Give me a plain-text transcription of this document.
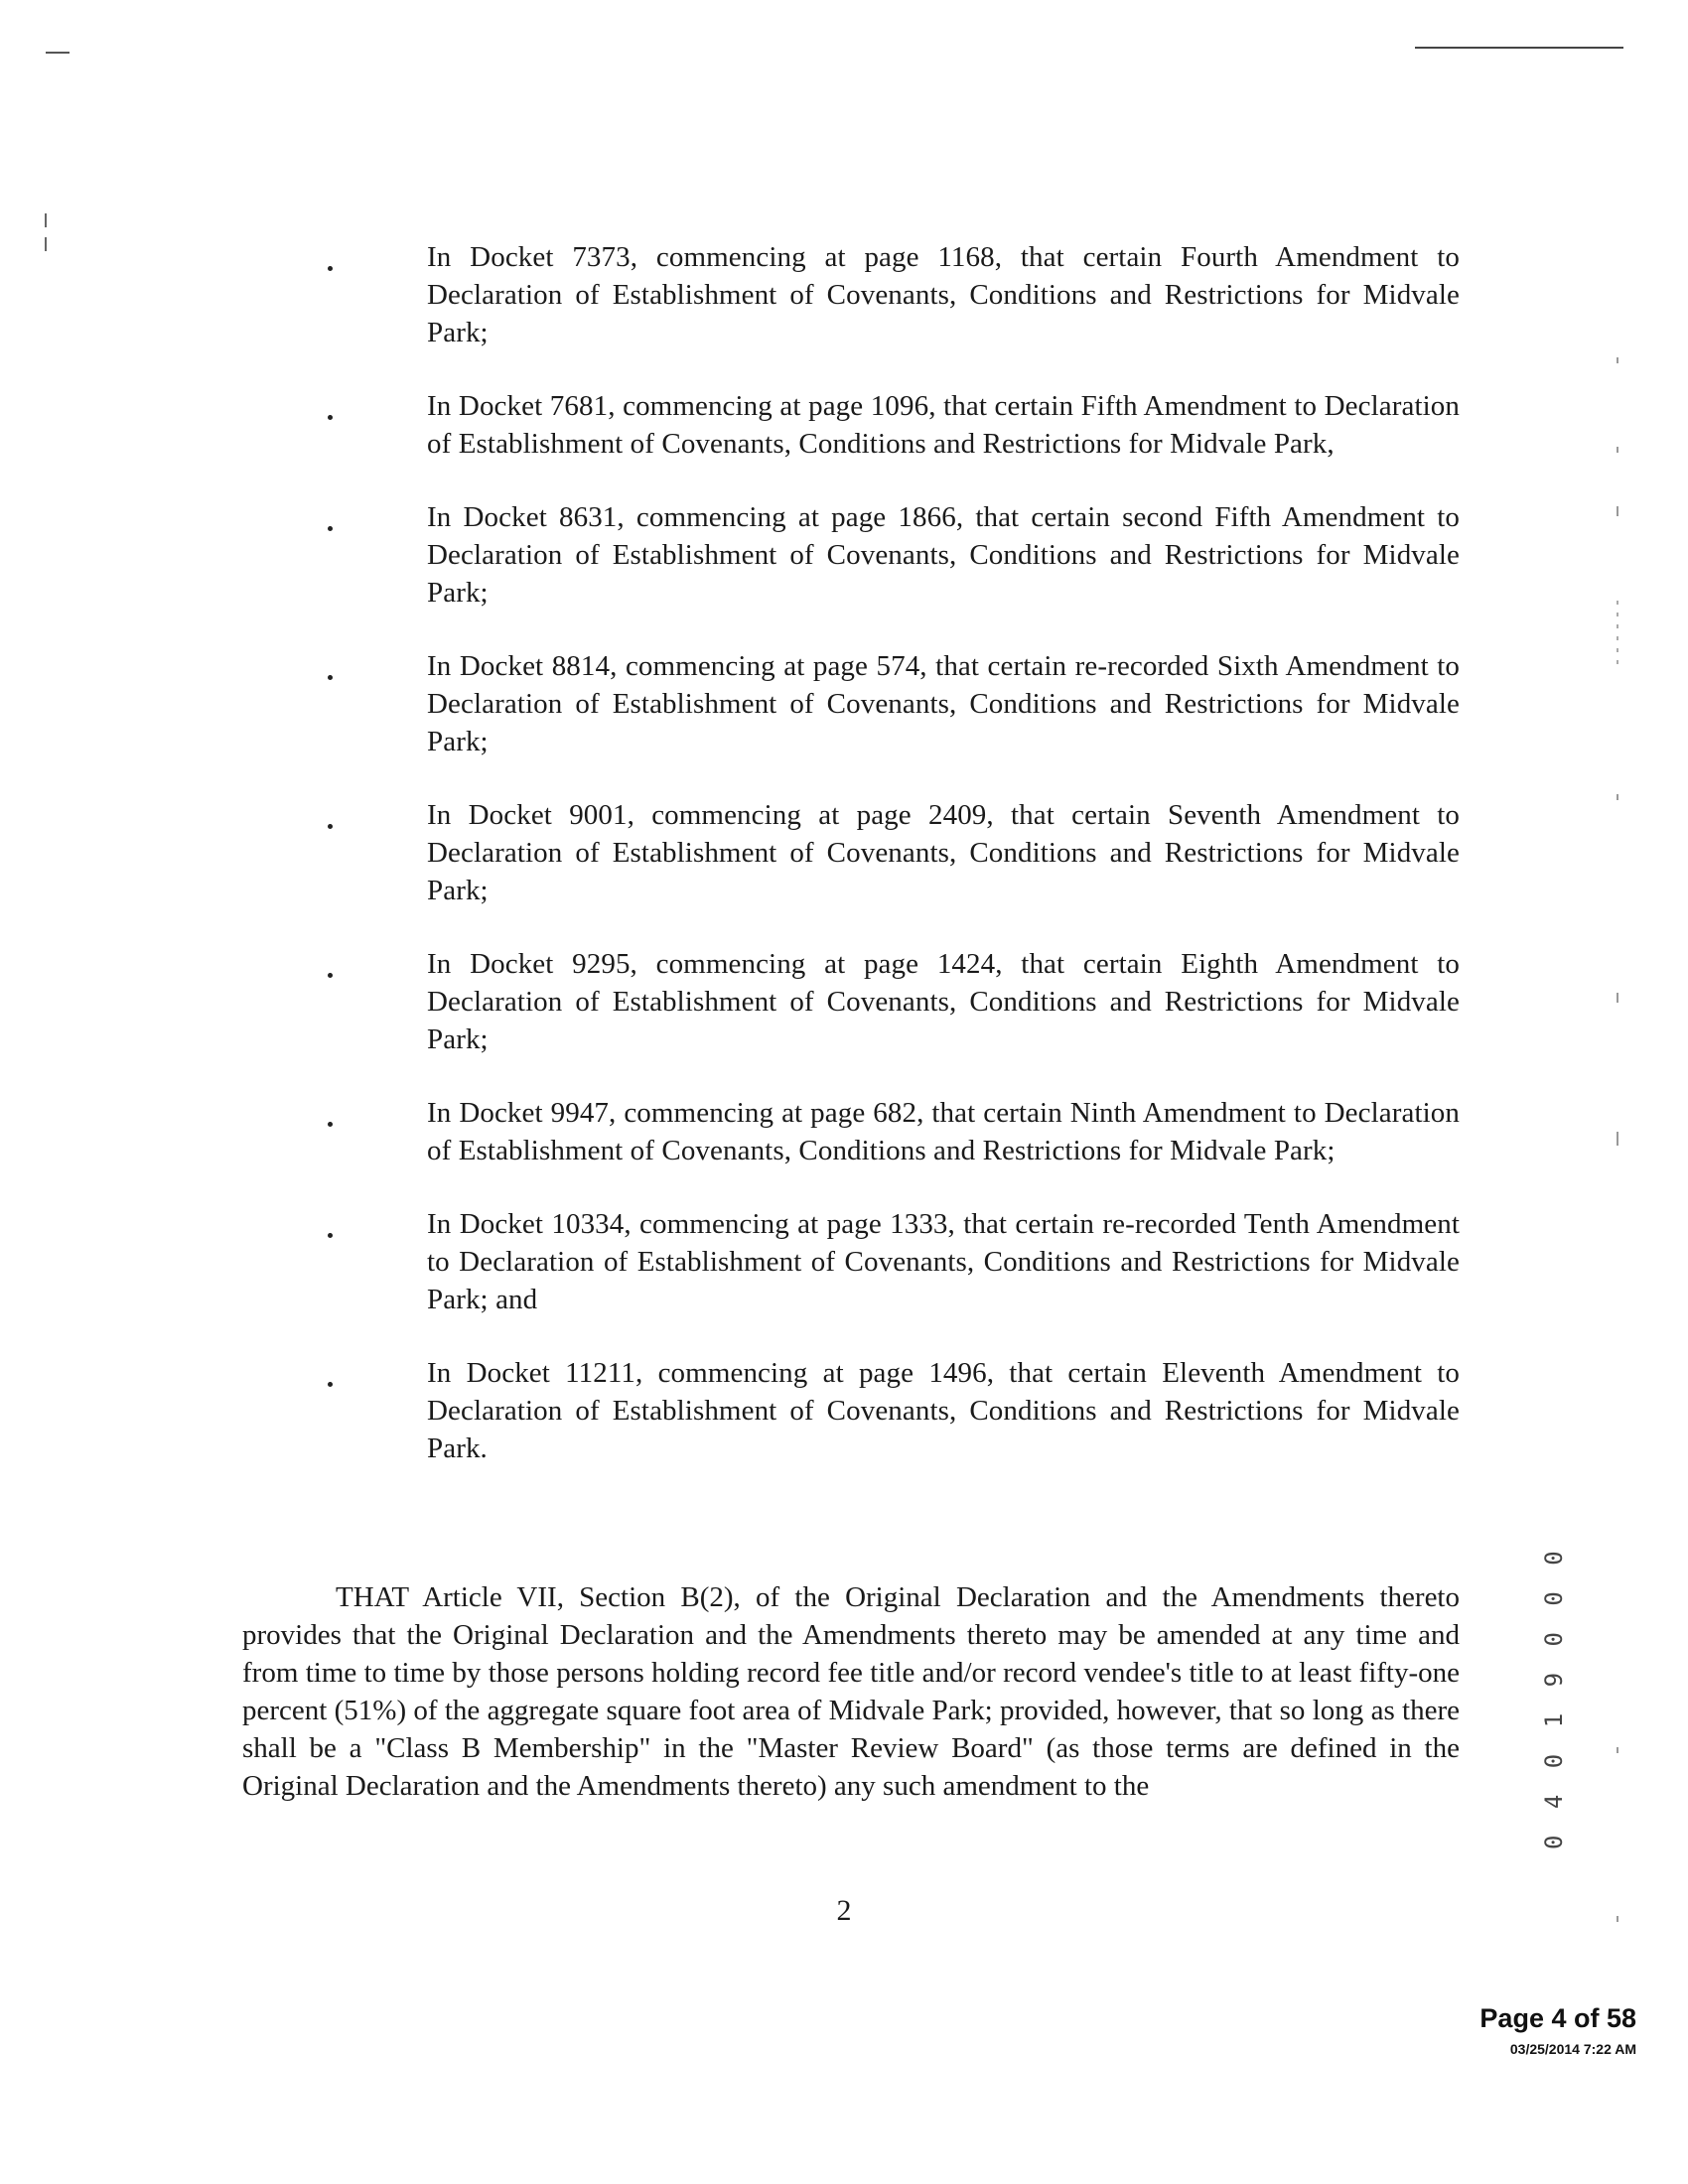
In Docket 7373, commencing at page 1168, that certain Fourth Amendment to Declaration of Establishment of Covenants, Conditions and Restrictions for Midvale Park;

In Docket 7681, commencing at page 1096, that certain Fifth Amendment to Declaration of Establishment of Covenants, Conditions and Restrictions for Midvale Park,

In Docket 8631, commencing at page 1866, that certain second Fifth Amendment to Declaration of Establishment of Covenants, Conditions and Restrictions for Midvale Park;

In Docket 8814, commencing at page 574, that certain re-recorded Sixth Amendment to Declaration of Establishment of Covenants, Conditions and Restrictions for Midvale Park;

In Docket 9001, commencing at page 2409, that certain Seventh Amendment to Declaration of Establishment of Covenants, Conditions and Restrictions for Midvale Park;

In Docket 9295, commencing at page 1424, that certain Eighth Amendment to Declaration of Establishment of Covenants, Conditions and Restrictions for Midvale Park;

In Docket 9947, commencing at page 682, that certain Ninth Amendment to Declaration of Establishment of Covenants, Conditions and Restrictions for Midvale Park;

In Docket 10334, commencing at page 1333, that certain re-recorded Tenth Amendment to Declaration of Establishment of Covenants, Conditions and Restrictions for Midvale Park; and

In Docket 11211, commencing at page 1496, that certain Eleventh Amendment to Declaration of Establishment of Covenants, Conditions and Restrictions for Midvale Park.

THAT Article VII, Section B(2), of the Original Declaration and the Amendments thereto provides that the Original Declaration and the Amendments thereto may be amended at any time and from time to time by those persons holding record fee title and/or record vendee's title to at least fifty-one percent (51%) of the aggregate square foot area of Midvale Park; provided, however, that so long as there shall be a "Class B Membership" in the "Master Review Board" (as those terms are defined in the Original Declaration and the Amendments thereto) any such amendment to the

2
0 4 0 1 9 0 0 0
Page 4 of 58
03/25/2014 7:22 AM
